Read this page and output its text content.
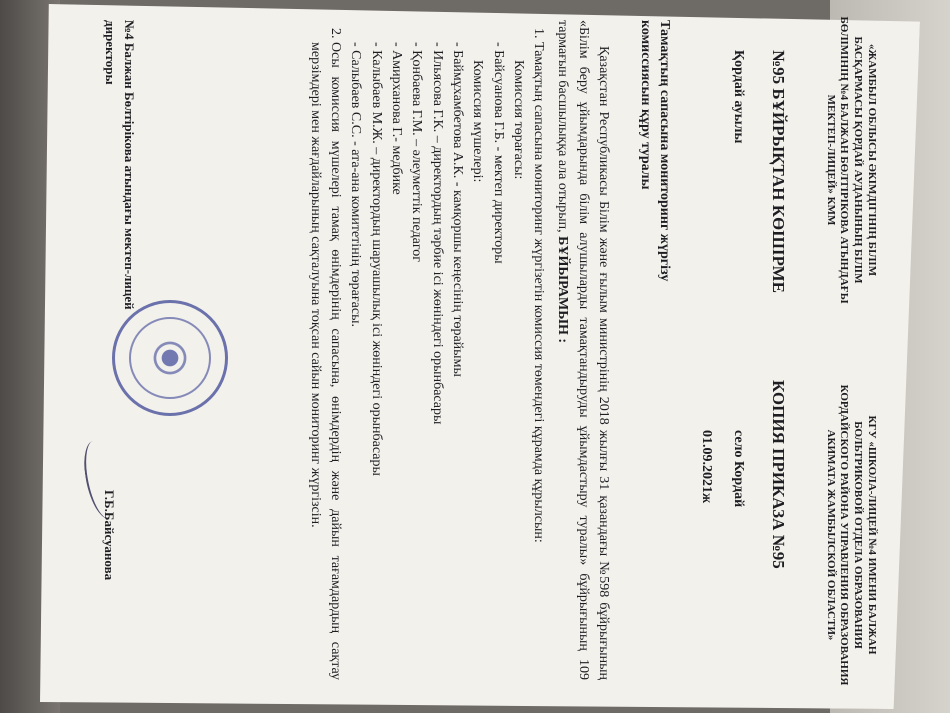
«ЖАМБЫЛ ОБЛЫСЫ ӘКІМДІГІНІҢ БІЛІМ БАСҚАРМАСЫ ҚОРДАЙ АУДАНЫНЫҢ БІЛІМ БӨЛІМІНІҢ №4 БАЛЖАН БӨЛТІРІКОВА АТЫНДАҒЫ МЕКТЕП-ЛИЦЕЙ» КММ
КГУ «ШКОЛА-ЛИЦЕЙ №4 ИМЕНИ БАЛЖАН БОЛЬТРИКОВОЙ ОТДЕЛА ОБРАЗОВАНИЯ КОРДАЙСКОГО РАЙОНА УПРАВЛЕНИЯ ОБРАЗОВАНИЯ АКИМАТА ЖАМБЫЛСКОЙ ОБЛАСТИ»
№95 БҰЙРЫҚТАН КӨШІРМЕ
КОПИЯ ПРИКАЗА №95
Қордай ауылы
село Кордай
01.09.2021ж
Тамақтың сапасына мониторинг жүргізу комиссиясын құру туралы

Қазақстан Республикасы Білім және ғылым министрінің 2018 жылғы 31 қазандағы №598 бұйрығының «Білім беру ұйымдарында білім алушыларды тамақтандыруды ұйымдастыру туралы» бұйрығының 109 тармағын басшылыққа ала отырып, БҰЙЫРАМЫН :

1. Тамақтың сапасына мониторинг жүргізетін комиссия төмендегі құрамда құрылсын:
Комиссия төрағасы:
- Байсуанова Г.Б. - мектеп директоры
Комиссия мүшелері:
- Баймұхамбетова А.К. - камқоршы кеңесінің төрайымы
- Ильясова Г.К. – директордың тәрбие ісі жөніндегі орынбасары
- Қонбаева Г.М. – әлеуметтік педагог
- Амирханова Г.- медбике
- Калыбаев М.Ж. – директордың шаруашылық ісі жөніндегі орынбасары
- Салыбаев С.С. - ата-ана комитетінің төрағасы.
2. Осы комиссия мүшелері тамақ өнімдерінің сапасына, өнімдердің және дайын тағамдардың сақтау мерзімдері мен жағдайларының сақталуына тоқсан сайын мониторинг жүргізсін.
№4 Балжан Бөлтірікова атындағы мектеп-лицей директоры
Г.Б.Байсуанова
